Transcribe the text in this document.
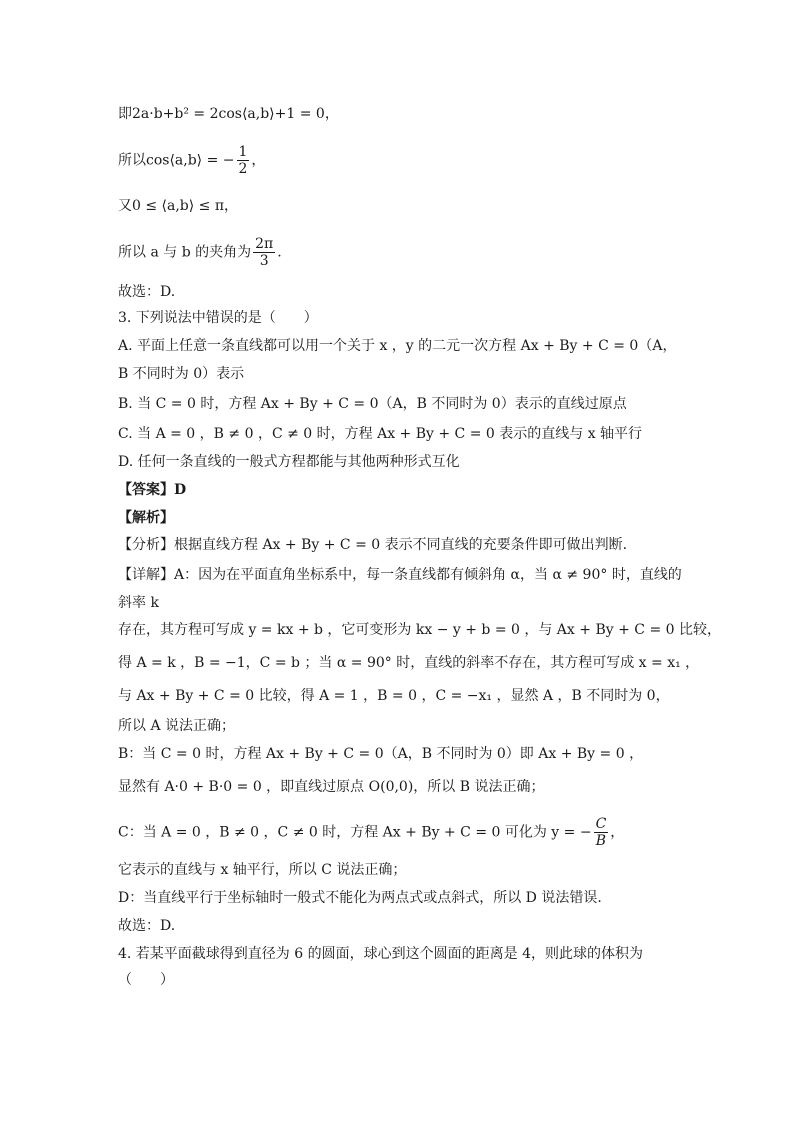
即2a·b+b² = 2cos⟨a,b⟩+1 = 0，
所以cos⟨a,b⟩ = − $\frac{1}{2}$ ，
又0 ≤ ⟨a,b⟩ ≤ π，
所以 a 与 b 的夹角为 $\frac{2\pi}{3}$ .
故选：D.
3. 下列说法中错误的是（　　）
A. 平面上任意一条直线都可以用一个关于 x ，y 的二元一次方程 Ax + By + C = 0（A，
B 不同时为 0）表示
B. 当 C = 0 时，方程 Ax + By + C = 0（A，B 不同时为 0）表示的直线过原点
C. 当 A = 0 ，B ≠ 0 ，C ≠ 0 时，方程 Ax + By + C = 0 表示的直线与 x 轴平行
D. 任何一条直线的一般式方程都能与其他两种形式互化
【答案】D
【解析】
【分析】根据直线方程 Ax + By + C = 0 表示不同直线的充要条件即可做出判断.
【详解】A：因为在平面直角坐标系中，每一条直线都有倾斜角 α，当 α ≠ 90° 时，直线的
斜率 k
存在，其方程可写成 y = kx + b ，它可变形为 kx − y + b = 0 ，与 Ax + By + C = 0 比较，
得 A = k ，B = −1，C = b ；当 α = 90° 时，直线的斜率不存在，其方程可写成 x = x₁ ，
与 Ax + By + C = 0 比较，得 A = 1 ，B = 0 ，C = −x₁ ，显然 A ，B 不同时为 0，
所以 A 说法正确；
B：当 C = 0 时，方程 Ax + By + C = 0（A，B 不同时为 0）即 Ax + By = 0 ，
显然有 A·0 + B·0 = 0 ，即直线过原点 O(0,0)，所以 B 说法正确；
C：当 A = 0 ，B ≠ 0 ，C ≠ 0 时，方程 Ax + By + C = 0 可化为 y = − $\frac{C}{B}$ ，
它表示的直线与 x 轴平行，所以 C 说法正确；
D：当直线平行于坐标轴时一般式不能化为两点式或点斜式，所以 D 说法错误.
故选：D.
4. 若某平面截球得到直径为 6 的圆面，球心到这个圆面的距离是 4，则此球的体积为
（　　）
